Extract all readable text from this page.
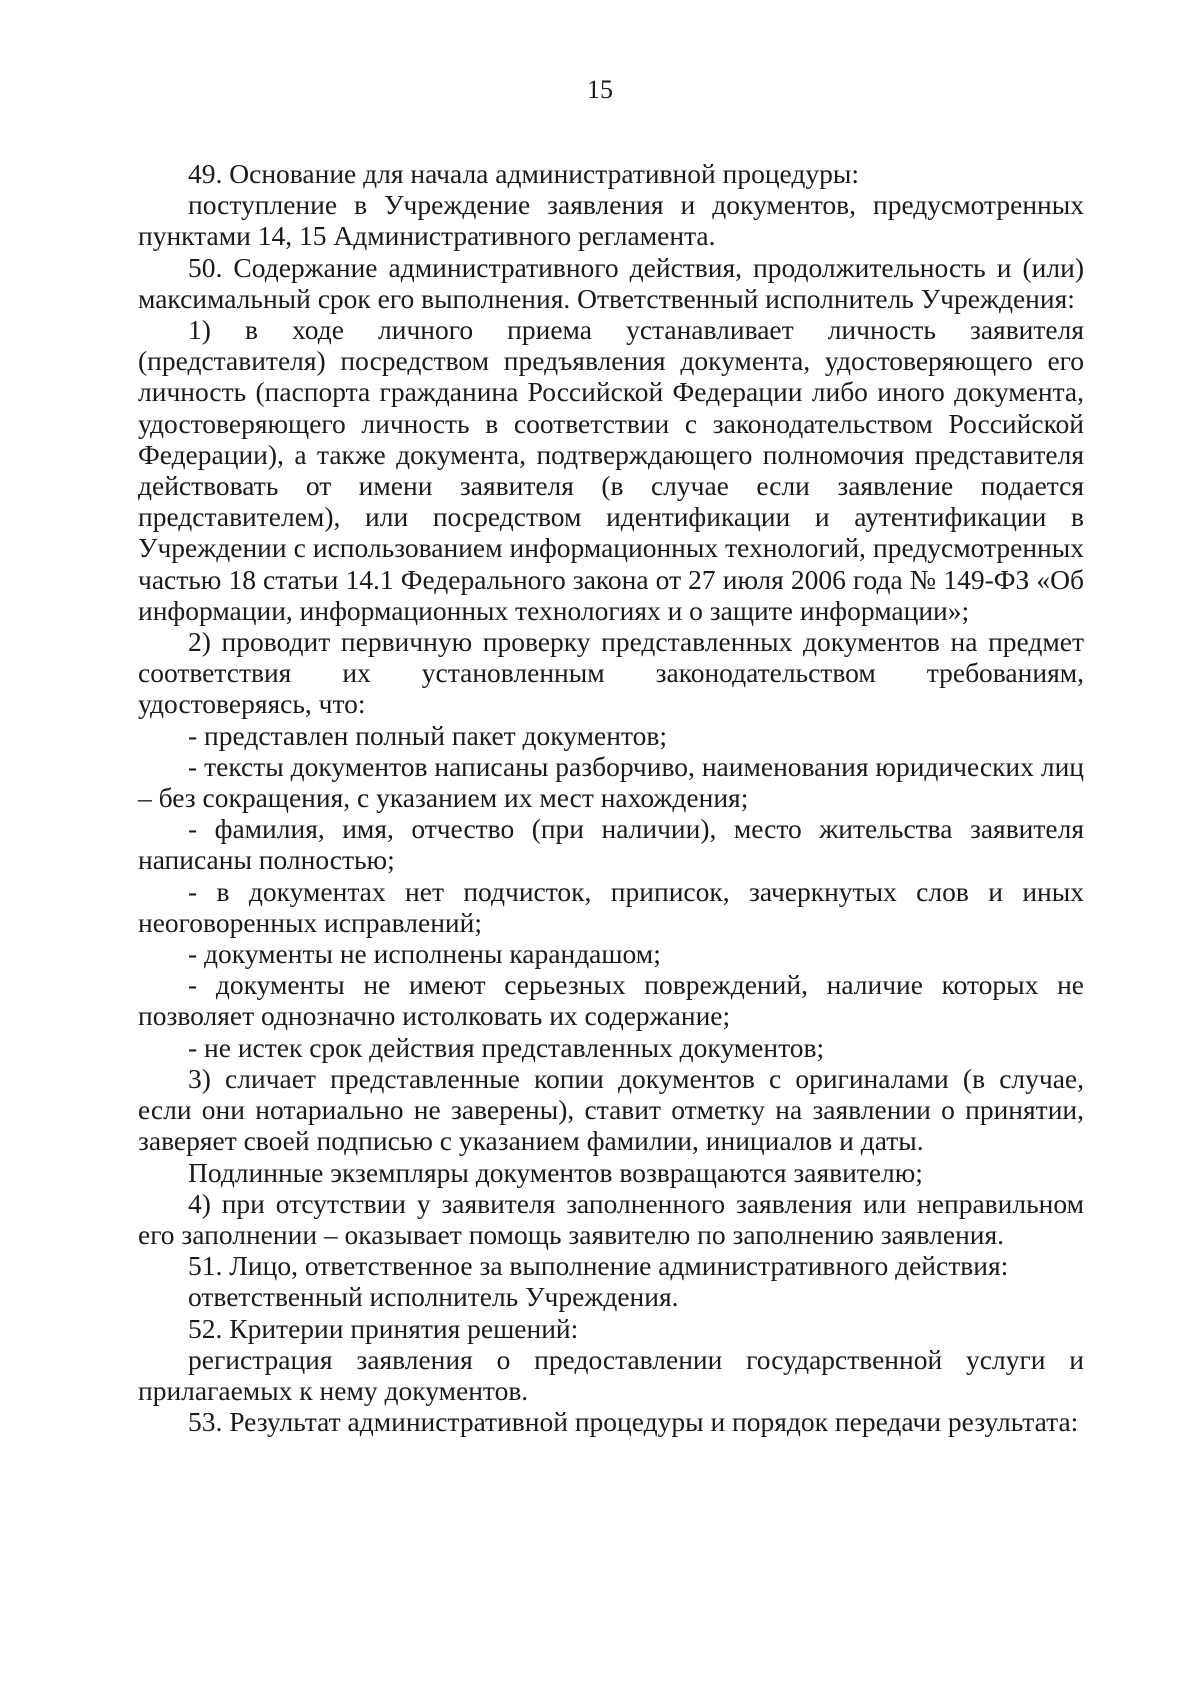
15

49. Основание для начала административной процедуры:

поступление в Учреждение заявления и документов, предусмотренных пунктами 14, 15 Административного регламента.

50. Содержание административного действия, продолжительность и (или) максимальный срок его выполнения. Ответственный исполнитель Учреждения:

1) в ходе личного приема устанавливает личность заявителя (представителя) посредством предъявления документа, удостоверяющего его личность (паспорта гражданина Российской Федерации либо иного документа, удостоверяющего личность в соответствии с законодательством Российской Федерации), а также документа, подтверждающего полномочия представителя действовать от имени заявителя (в случае если заявление подается представителем), или посредством идентификации и аутентификации в Учреждении с использованием информационных технологий, предусмотренных частью 18 статьи 14.1 Федерального закона от 27 июля 2006 года № 149-ФЗ «Об информации, информационных технологиях и о защите информации»;

2) проводит первичную проверку представленных документов на предмет соответствия их установленным законодательством требованиям, удостоверяясь, что:

- представлен полный пакет документов;

- тексты документов написаны разборчиво, наименования юридических лиц – без сокращения, с указанием их мест нахождения;

- фамилия, имя, отчество (при наличии), место жительства заявителя написаны полностью;

- в документах нет подчисток, приписок, зачеркнутых слов и иных неоговоренных исправлений;

- документы не исполнены карандашом;

- документы не имеют серьезных повреждений, наличие которых не позволяет однозначно истолковать их содержание;

- не истек срок действия представленных документов;

3) сличает представленные копии документов с оригиналами (в случае, если они нотариально не заверены), ставит отметку на заявлении о принятии, заверяет своей подписью с указанием фамилии, инициалов и даты.

Подлинные экземпляры документов возвращаются заявителю;

4) при отсутствии у заявителя заполненного заявления или неправильном его заполнении – оказывает помощь заявителю по заполнению заявления.

51. Лицо, ответственное за выполнение административного действия:

ответственный исполнитель Учреждения.

52. Критерии принятия решений:

регистрация заявления о предоставлении государственной услуги и прилагаемых к нему документов.

53. Результат административной процедуры и порядок передачи результата:
